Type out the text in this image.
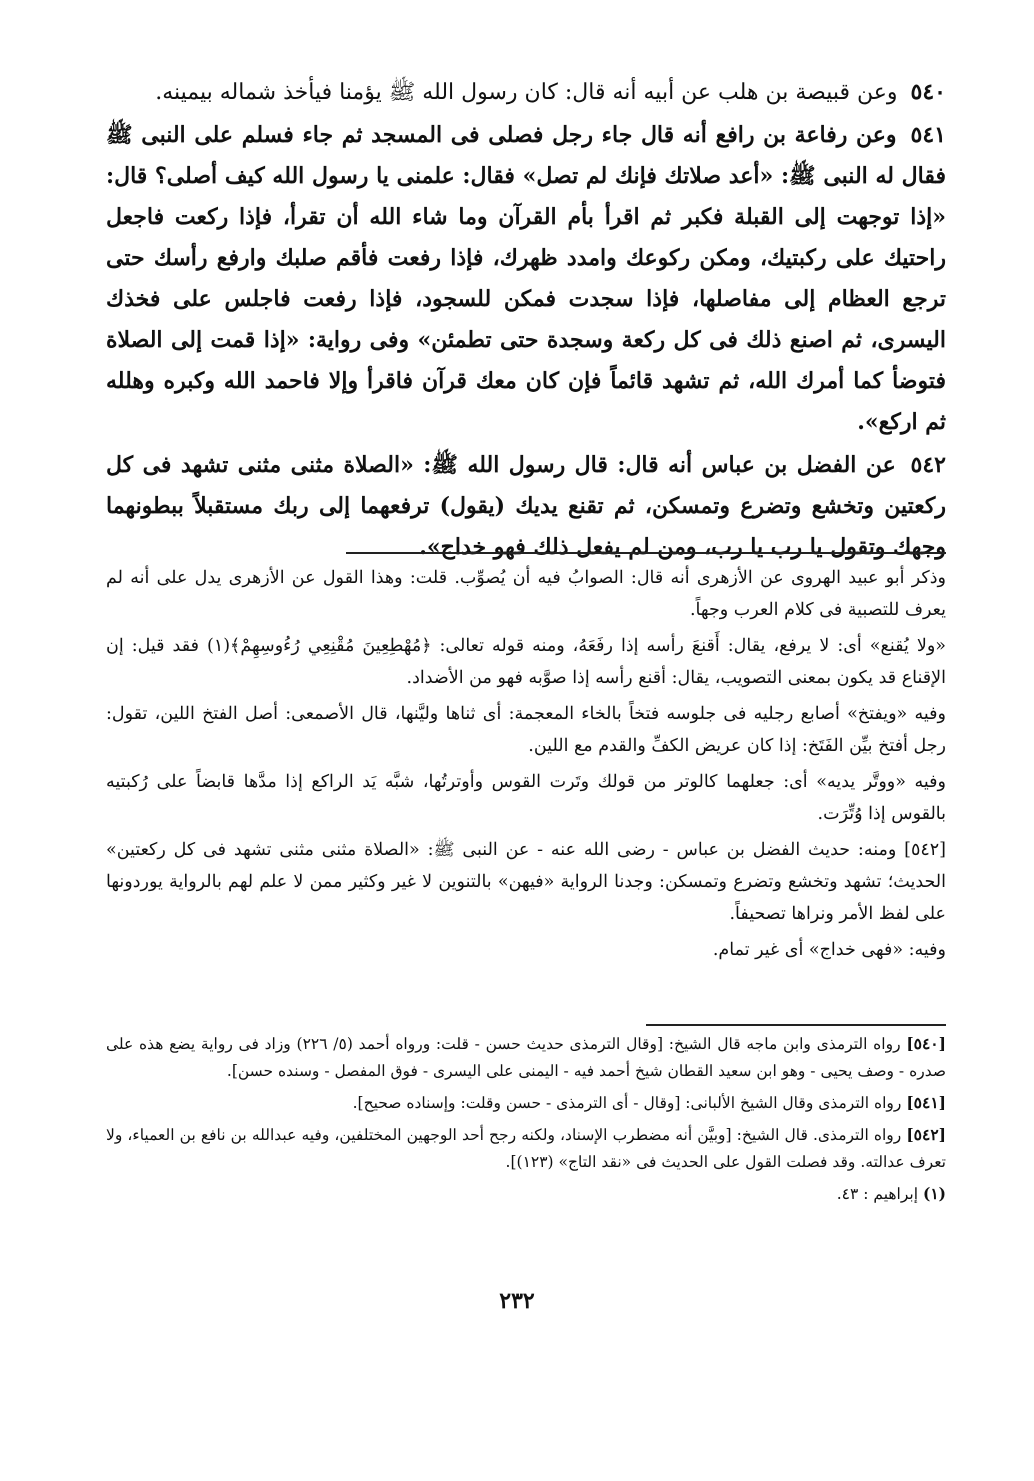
٥٤٠ وعن قبيصة بن هلب عن أبيه أنه قال: كان رسول الله ﷺ يؤمنا فيأخذ شماله بيمينه.

٥٤١ وعن رفاعة بن رافع أنه قال جاء رجل فصلى فى المسجد ثم جاء فسلم على النبى ﷺ فقال له النبى ﷺ: «أعد صلاتك فإنك لم تصل» فقال: علمنى يا رسول الله كيف أصلى؟ قال: «إذا توجهت إلى القبلة فكبر ثم اقرأ بأم القرآن وما شاء الله أن تقرأ، فإذا ركعت فاجعل راحتيك على ركبتيك، ومكن ركوعك وامدد ظهرك، فإذا رفعت فأقم صلبك وارفع رأسك حتى ترجع العظام إلى مفاصلها، فإذا سجدت فمكن للسجود، فإذا رفعت فاجلس على فخذك اليسرى، ثم اصنع ذلك فى كل ركعة وسجدة حتى تطمئن» وفى رواية: «إذا قمت إلى الصلاة فتوضأ كما أمرك الله، ثم تشهد قائماً فإن كان معك قرآن فاقرأ وإلا فاحمد الله وكبره وهلله ثم اركع».

٥٤٢ عن الفضل بن عباس أنه قال: قال رسول الله ﷺ: «الصلاة مثنى مثنى تشهد فى كل ركعتين وتخشع وتضرع وتمسكن، ثم تقنع يديك (يقول) ترفعهما إلى ربك مستقبلاً ببطونهما وجهك وتقول يا رب يا رب، ومن لم يفعل ذلك فهو خداج».

وذكر أبو عبيد الهروى عن الأزهرى أنه قال: الصوابُ فيه أن يُصوِّب. قلت: وهذا القول عن الأزهرى يدل على أنه لم يعرف للتصبية فى كلام العرب وجهاً.

«ولا يُقنع» أى: لا يرفع، يقال: أَقنعَ رأسه إذا رفَعَهُ، ومنه قوله تعالى: ﴿مُهْطِعِينَ مُقْنِعِي رُءُوسِهِمْ﴾(١) فقد قيل: إن الإقناع قد يكون بمعنى التصويب، يقال: أقنع رأسه إذا صوَّبه فهو من الأضداد.

وفيه «ويفتخ» أصابع رجليه فى جلوسه فتخاً بالخاء المعجمة: أى ثناها وليَّنها، قال الأصمعى: أصل الفتخ اللين، تقول: رجل أفتخ بيِّن الفَتَخ: إذا كان عريض الكفِّ والقدم مع اللين.

وفيه «ووتَّر يديه» أى: جعلهما كالوتر من قولك وتَرت القوس وأوترتُها، شبَّه يَد الراكع إذا مدَّها قابضاً على رُكبتيه بالقوس إذا وُتِّرَت.

[٥٤٢] ومنه: حديث الفضل بن عباس - رضى الله عنه - عن النبى ﷺ: «الصلاة مثنى مثنى تشهد فى كل ركعتين» الحديث؛ تشهد وتخشع وتضرع وتمسكن: وجدنا الرواية «فيهن» بالتنوين لا غير وكثير ممن لا علم لهم بالرواية يوردونها على لفظ الأمر ونراها تصحيفاً.

وفيه: «فهى خداج» أى غير تمام.

[٥٤٠] رواه الترمذى وابن ماجه قال الشيخ: [وقال الترمذى حديث حسن - قلت: ورواه أحمد (٥/ ٢٢٦) وزاد فى رواية يضع هذه على صدره - وصف يحيى - وهو ابن سعيد القطان شيخ أحمد فيه - اليمنى على اليسرى - فوق المفصل - وسنده حسن].

[٥٤١] رواه الترمذى وقال الشيخ الألبانى: [وقال - أى الترمذى - حسن وقلت: وإسناده صحيح].

[٥٤٢] رواه الترمذى. قال الشيخ: [وبيَّن أنه مضطرب الإسناد، ولكنه رجح أحد الوجهين المختلفين، وفيه عبدالله بن نافع بن العمياء، ولا تعرف عدالته. وقد فصلت القول على الحديث فى «نقد التاج» (١٢٣)].

(١) إبراهيم : ٤٣.

٢٣٢
